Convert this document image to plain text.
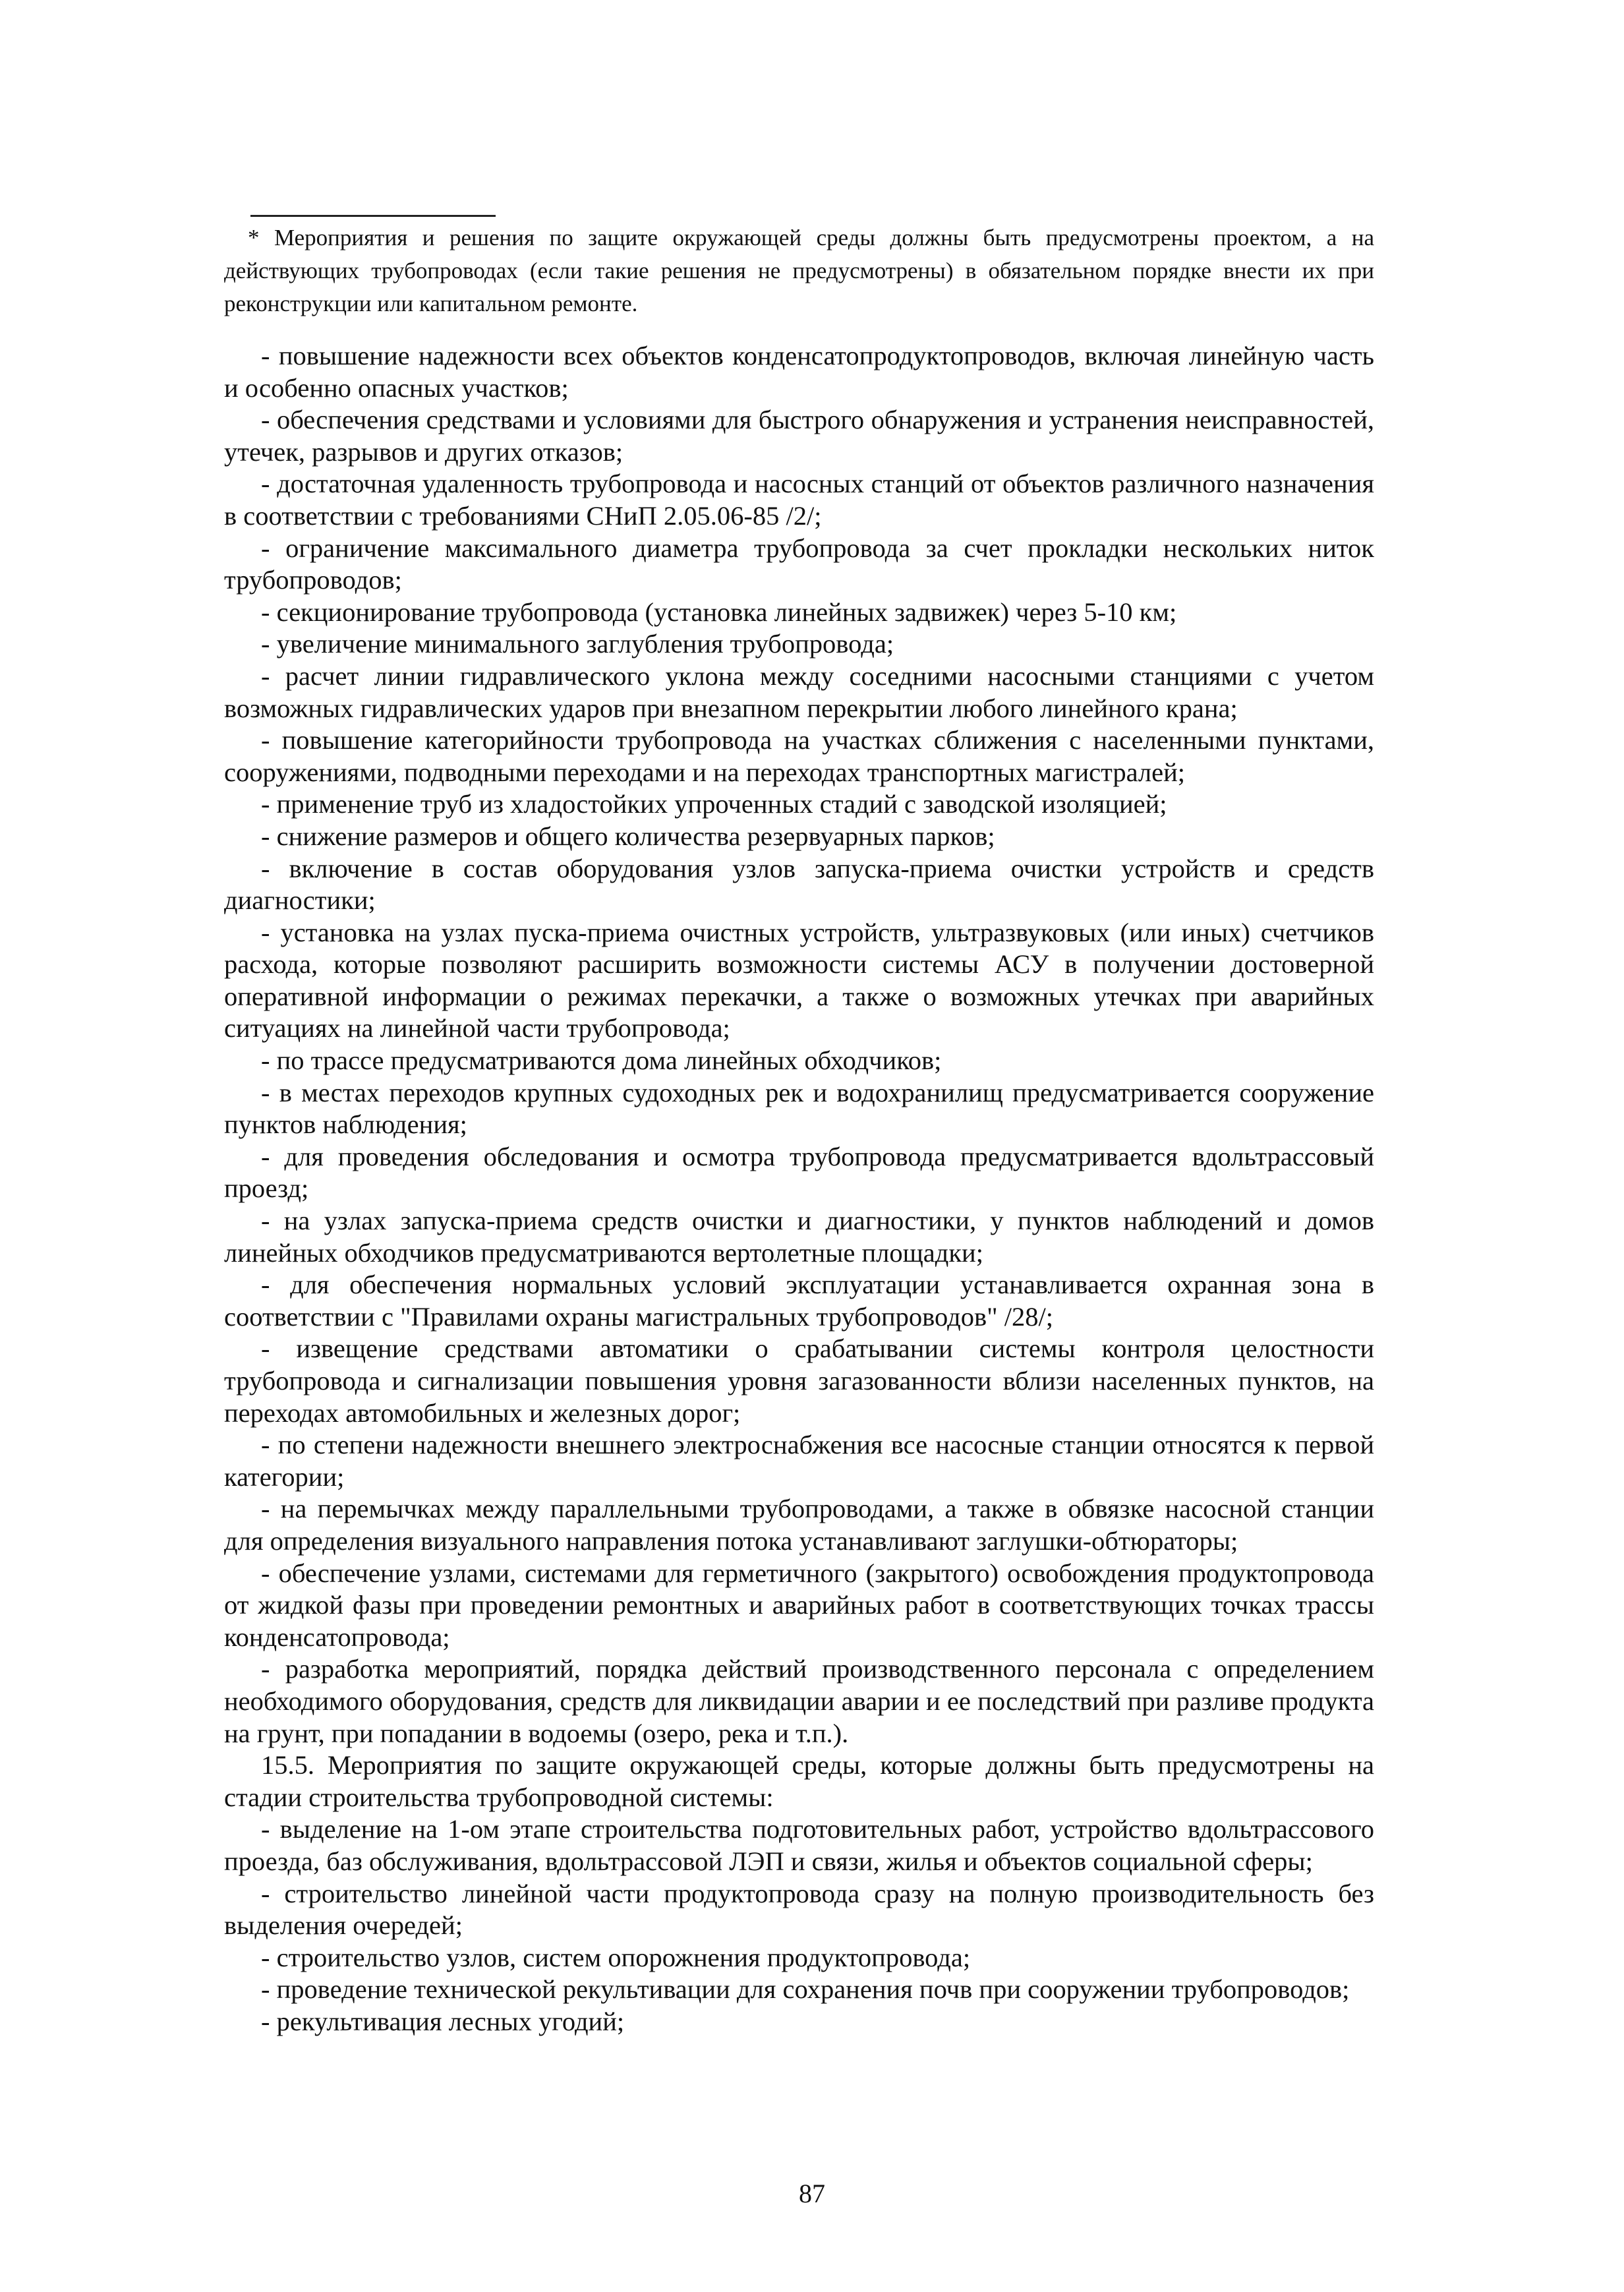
* Мероприятия и решения по защите окружающей среды должны быть предусмотрены проектом, а на действующих трубопроводах (если такие решения не предусмотрены) в обязательном порядке внести их при реконструкции или капитальном ремонте.

- повышение надежности всех объектов конденсатопродуктопроводов, включая линейную часть и особенно опасных участков;

- обеспечения средствами и условиями для быстрого обнаружения и устранения неисправностей, утечек, разрывов и других отказов;

- достаточная удаленность трубопровода и насосных станций от объектов различного назначения в соответствии с требованиями СНиП 2.05.06-85 /2/;

- ограничение максимального диаметра трубопровода за счет прокладки нескольких ниток трубопроводов;

- секционирование трубопровода (установка линейных задвижек) через 5-10 км;

- увеличение минимального заглубления трубопровода;

- расчет линии гидравлического уклона между соседними насосными станциями с учетом возможных гидравлических ударов при внезапном перекрытии любого линейного крана;

- повышение категорийности трубопровода на участках сближения с населенными пунктами, сооружениями, подводными переходами и на переходах транспортных магистралей;

- применение труб из хладостойких упроченных стадий с заводской изоляцией;

- снижение размеров и общего количества резервуарных парков;

- включение в состав оборудования узлов запуска-приема очистки устройств и средств диагностики;

- установка на узлах пуска-приема очистных устройств, ультразвуковых (или иных) счетчиков расхода, которые позволяют расширить возможности системы АСУ в получении достоверной оперативной информации о режимах перекачки, а также о возможных утечках при аварийных ситуациях на линейной части трубопровода;

- по трассе предусматриваются дома линейных обходчиков;

- в местах переходов крупных судоходных рек и водохранилищ предусматривается сооружение пунктов наблюдения;

- для проведения обследования и осмотра трубопровода предусматривается вдольтрассовый проезд;

- на узлах запуска-приема средств очистки и диагностики, у пунктов наблюдений и домов линейных обходчиков предусматриваются вертолетные площадки;

- для обеспечения нормальных условий эксплуатации устанавливается охранная зона в соответствии с "Правилами охраны магистральных трубопроводов" /28/;

- извещение средствами автоматики о срабатывании системы контроля целостности трубопровода и сигнализации повышения уровня загазованности вблизи населенных пунктов, на переходах автомобильных и железных дорог;

- по степени надежности внешнего электроснабжения все насосные станции относятся к первой категории;

- на перемычках между параллельными трубопроводами, а также в обвязке насосной станции для определения визуального направления потока устанавливают заглушки-обтюраторы;

- обеспечение узлами, системами для герметичного (закрытого) освобождения продуктопровода от жидкой фазы при проведении ремонтных и аварийных работ в соответствующих точках трассы конденсатопровода;

- разработка мероприятий, порядка действий производственного персонала с определением необходимого оборудования, средств для ликвидации аварии и ее последствий при разливе продукта на грунт, при попадании в водоемы (озеро, река и т.п.).

15.5. Мероприятия по защите окружающей среды, которые должны быть предусмотрены на стадии строительства трубопроводной системы:

- выделение на 1-ом этапе строительства подготовительных работ, устройство вдольтрассового проезда, баз обслуживания, вдольтрассовой ЛЭП и связи, жилья и объектов социальной сферы;

- строительство линейной части продуктопровода сразу на полную производительность без выделения очередей;

- строительство узлов, систем опорожнения продуктопровода;

- проведение технической рекультивации для сохранения почв при сооружении трубопроводов;

- рекультивация лесных угодий;

87
